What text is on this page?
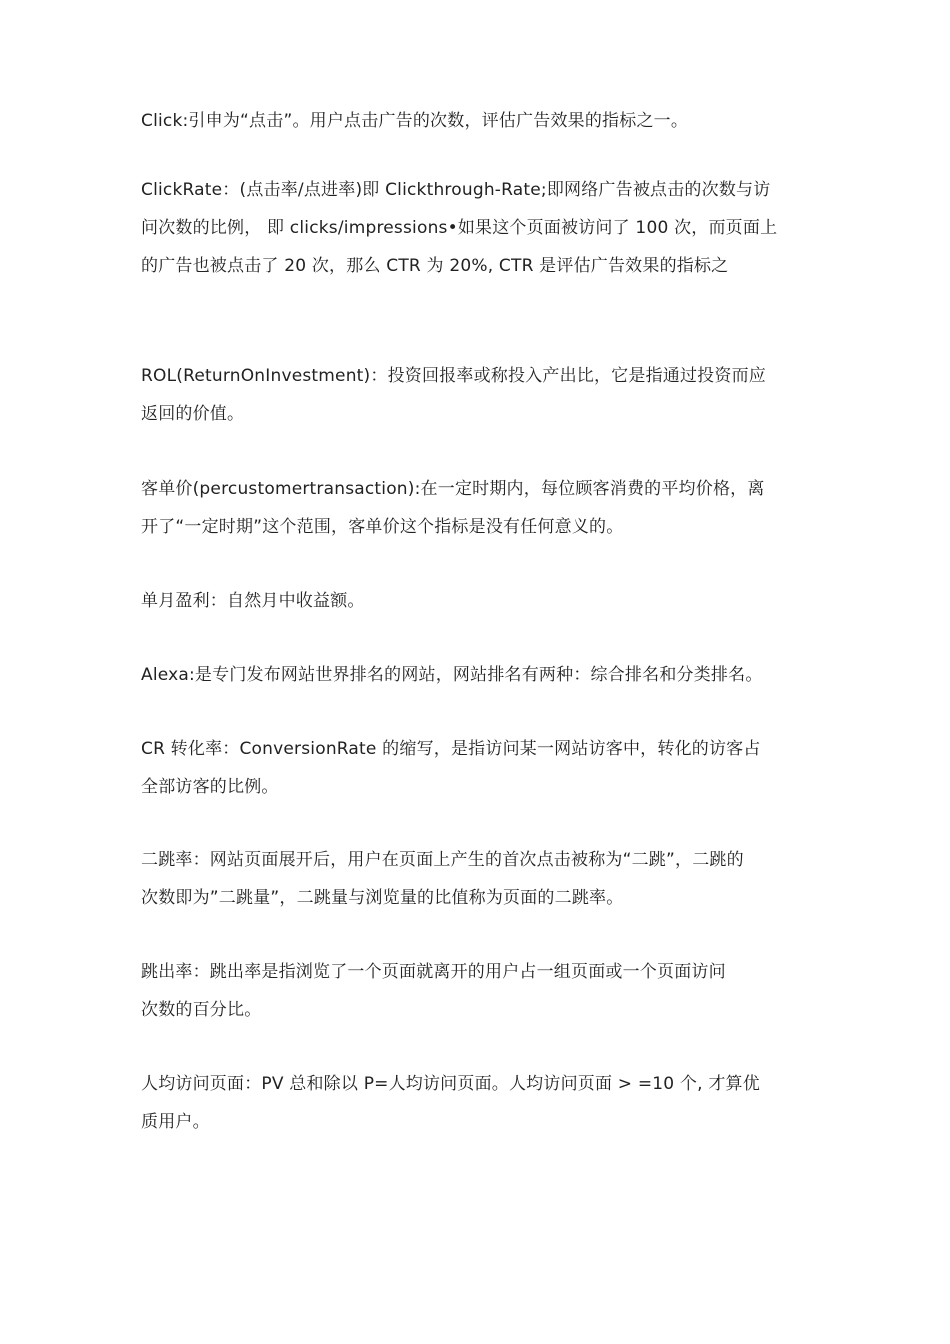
Click:引申为“点击”。用户点击广告的次数，评估广告效果的指标之一。

ClickRate：(点击率/点进率)即 Clickthrough-Rate;即网络广告被点击的次数与访
问次数的比例， 即 clicks/impressions•如果这个页面被访问了 100 次，而页面上
的广告也被点击了 20 次，那么 CTR 为 20%, CTR 是评估广告效果的指标之

ROL(ReturnOnInvestment)：投资回报率或称投入产出比，它是指通过投资而应
返回的价值。

客单价(percustomertransaction):在一定时期内，每位顾客消费的平均价格，离
开了“一定时期”这个范围，客单价这个指标是没有任何意义的。

单月盈利：自然月中收益额。

Alexa:是专门发布网站世界排名的网站，网站排名有两种：综合排名和分类排名。

CR 转化率：ConversionRate 的缩写，是指访问某一网站访客中，转化的访客占
全部访客的比例。

二跳率：网站页面展开后，用户在页面上产生的首次点击被称为“二跳”，二跳的
次数即为”二跳量”，二跳量与浏览量的比值称为页面的二跳率。

跳出率：跳出率是指浏览了一个页面就离开的用户占一组页面或一个页面访问
次数的百分比。

人均访问页面：PV 总和除以 P=人均访问页面。人均访问页面 > =10 个, 才算优
质用户。
